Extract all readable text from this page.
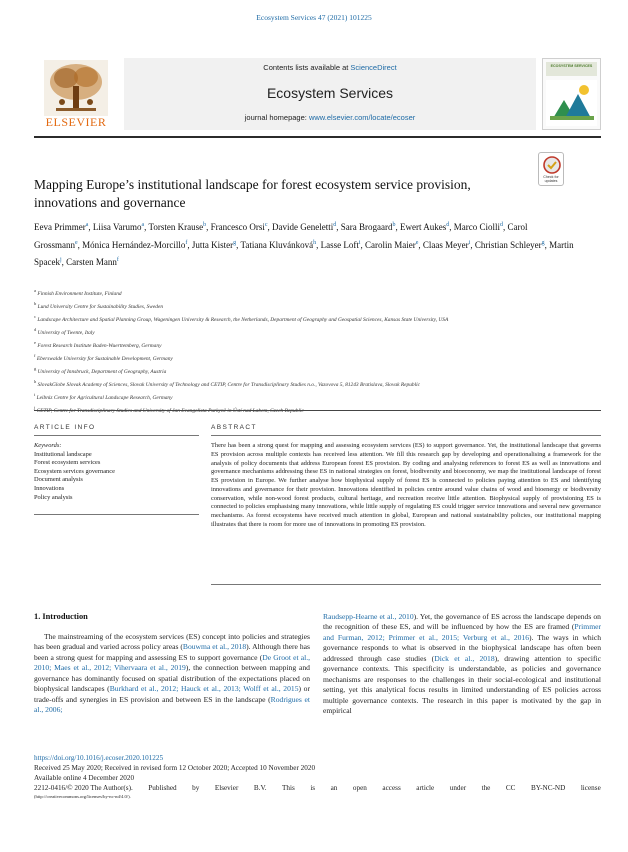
Ecosystem Services 47 (2021) 101225
ELSEVIER
Contents lists available at ScienceDirect
Ecosystem Services
journal homepage: www.elsevier.com/locate/ecoser
ECOSYSTEM SERVICES
Check for updates
Mapping Europe’s institutional landscape for forest ecosystem service provision, innovations and governance
Eeva Primmer$^a$, Liisa Varumo$^a$, Torsten Krause$^b$, Francesco Orsi$^c$, Davide Geneletti$^d$, Sara Brogaard$^b$, Ewert Aukes$^d$, Marco Ciolli$^d$, Carol Grossmann$^e$, Mónica Hernández-Morcillo$^f$, Jutta Kister$^g$, Tatiana Kluvánková$^h$, Lasse Loft$^i$, Carolin Maier$^e$, Claas Meyer$^i$, Christian Schleyer$^g$, Martin Spacek$^j$, Carsten Mann$^f$
$^a$ Finnish Environment Institute, Finland
$^b$ Lund University Centre for Sustainability Studies, Sweden
$^c$ Landscape Architecture and Spatial Planning Group, Wageningen University & Research, the Netherlands, Department of Geography and Geospatial Sciences, Kansas State University, USA
$^d$ University of Twente, Italy
$^e$ Forest Research Institute Baden-Wuerttemberg, Germany
$^f$ Eberswalde University for Sustainable Development, Germany
$^g$ University of Innsbruck, Department of Geography, Austria
$^h$ SlovakGlobe Slovak Academy of Sciences, Slovak University of Technology and CETIP, Centre for Transdisciplinary Studies n.o., Vazovova 5, 81243 Bratislava, Slovak Republic
$^i$ Leibniz Centre for Agricultural Landscape Research, Germany
$^j$
ARTICLE INFO	ABSTRACT
Keywords:
Institutional landscape
Forest ecosystem services
Ecosystem services governance
Document analysis
Innovations
Policy analysis
There has been a strong quest for mapping and assessing ecosystem services (ES) to support governance. Yet, the institutional landscape that governs ES provision across multiple contexts has received less attention. We fill this research gap by developing and operationalising a framework for the analysis of policy documents that address European forest ES provision. By coding and analysing references to forest ES as well as innovations and governance mechanisms addressing these ES in national strategies on forest, biodiversity and bioeconomy, we map the institutional landscape of forest ES provision in Europe. We further analyse how biophysical supply of forest ES is connected to policies paying attention to ES and identifying innovations and governance for their provision. Innovations identified in policies centre around value chains of wood and bioenergy or biodiversity conservation, while non-wood forest products, cultural heritage, and recreation receive little attention. Biophysical supply of provisioning ES is connected to policies emphasising many innovations, while little supply of regulating ES could trigger service innovations and several new governance mechanisms. As forest ecosystems have received much attention in global, European and national sustainability policies, our institutional mapping illustrates that there is room for more use of innovations in promoting ES provision.
1. Introduction
The mainstreaming of the ecosystem services (ES) concept into policies and strategies has been gradual and varied across policy areas (Bouwma et al., 2018). Although there has been a strong quest for mapping and assessing ES to support governance (De Groot et al., 2010; Maes et al., 2012; Vihervaara et al., 2019), the connection between mapping and governance has dominantly focused on spatial distribution of the expectations placed on biophysical landscapes (Burkhard et al., 2012; Hauck et al., 2013; Wolff et al., 2015) or trade-offs and synergies in ES provision and between ES in the landscape (Rodrigues et al., 2006;
Raudsepp-Hearne et al., 2010). Yet, the governance of ES across the landscape depends on the recognition of these ES, and will be influenced by how the ES are framed (Primmer and Furman, 2012; Primmer et al., 2015; Verburg et al., 2016). The ways in which governance responds to what is observed in the biophysical landscape has often been addressed through case studies (Dick et al., 2018), drawing attention to specific governance contexts. This specificity is understandable, as policies and governance mechanisms are responses to the challenges in their social-ecological and institutional setting, yet this analytical focus results in limited understanding of ES policies across multiple governance contexts. The research in this paper is motivated by the gap in empirical
https://doi.org/10.1016/j.ecoser.2020.101225
Received 25 May 2020; Received in revised form 12 October 2020; Accepted 10 November 2020
Available online 4 December 2020
2212-0416/© 2020 The Author(s). Published by Elsevier B.V. This is an open access article under the CC BY-NC-ND license
(http://creativecommons.org/licenses/by-nc-nd/4.0/).
